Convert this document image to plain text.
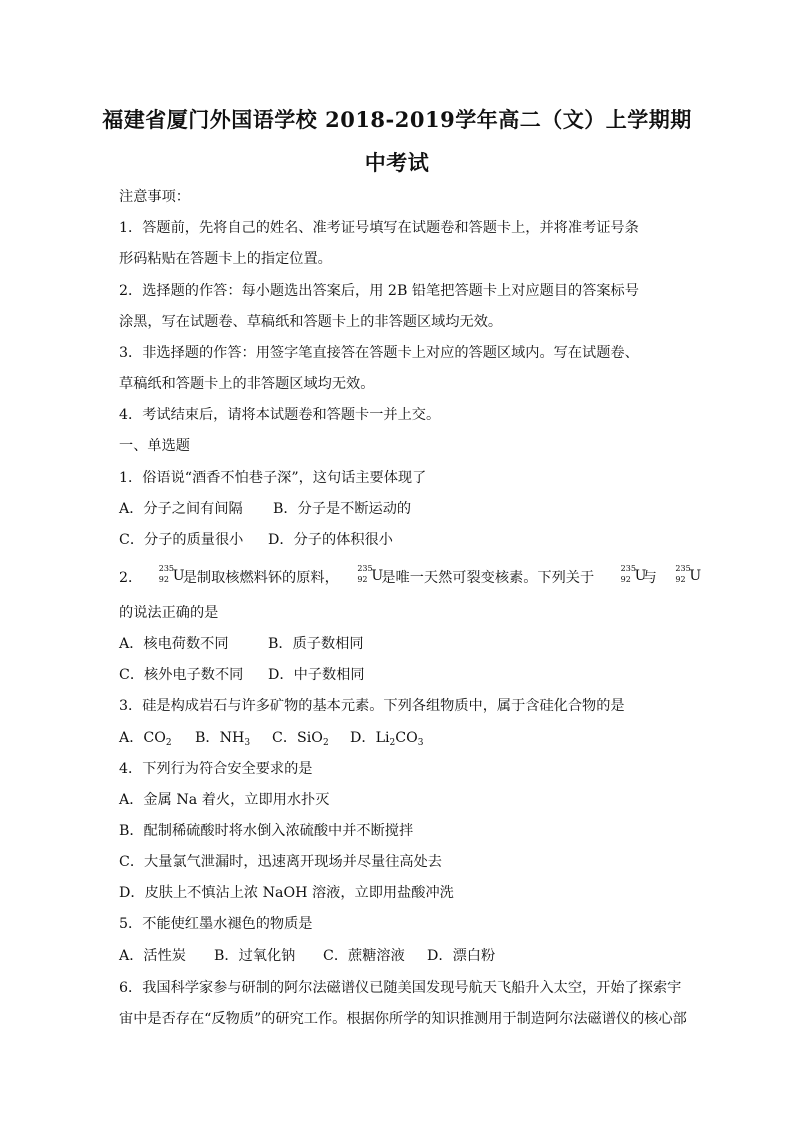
福建省厦门外国语学校 2018-2019学年高二（文）上学期期
中考试
注意事项：
1．答题前，先将自己的姓名、准考证号填写在试题卷和答题卡上，并将准考证号条
形码粘贴在答题卡上的指定位置。
2．选择题的作答：每小题选出答案后，用 2B 铅笔把答题卡上对应题目的答案标号
涂黑，写在试题卷、草稿纸和答题卡上的非答题区域均无效。
3．非选择题的作答：用签字笔直接答在答题卡上对应的答题区域内。写在试题卷、
草稿纸和答题卡上的非答题区域均无效。
4．考试结束后，请将本试题卷和答题卡一并上交。
一、单选题
1．俗语说“酒香不怕巷子深”，这句话主要体现了
A．分子之间有间隔 B．分子是不断运动的
C．分子的质量很小 D．分子的体积很小
2．
235
92 U
是制取核燃料钚的原料，
235
92 U
是唯一天然可裂变核素。下列关于
235
92 U
与
235
92 U
的说法正确的是
A．核电荷数不同	B．质子数相同
C．核外电子数不同 D．中子数相同
3．硅是构成岩石与许多矿物的基本元素。下列各组物质中，属于含硅化合物的是
A．$CO_2$ B．$NH_3$ C．SiO$_2$ D．$Li_2CO_3$
4．下列行为符合安全要求的是
A．金属 Na 着火，立即用水扑灭
B．配制稀硫酸时将水倒入浓硫酸中并不断搅拌
C．大量氯气泄漏时，迅速离开现场并尽量往高处去
D．皮肤上不慎沾上浓 NaOH 溶液，立即用盐酸冲洗
5．不能使红墨水褪色的物质是
A．活性炭 B．过氧化钠 C．蔗糖溶液 D．漂白粉
6．我国科学家参与研制的阿尔法磁谱仪已随美国发现号航天飞船升入太空，开始了探索宇
宙中是否存在“反物质”的研究工作。根据你所学的知识推测用于制造阿尔法磁谱仪的核心部
